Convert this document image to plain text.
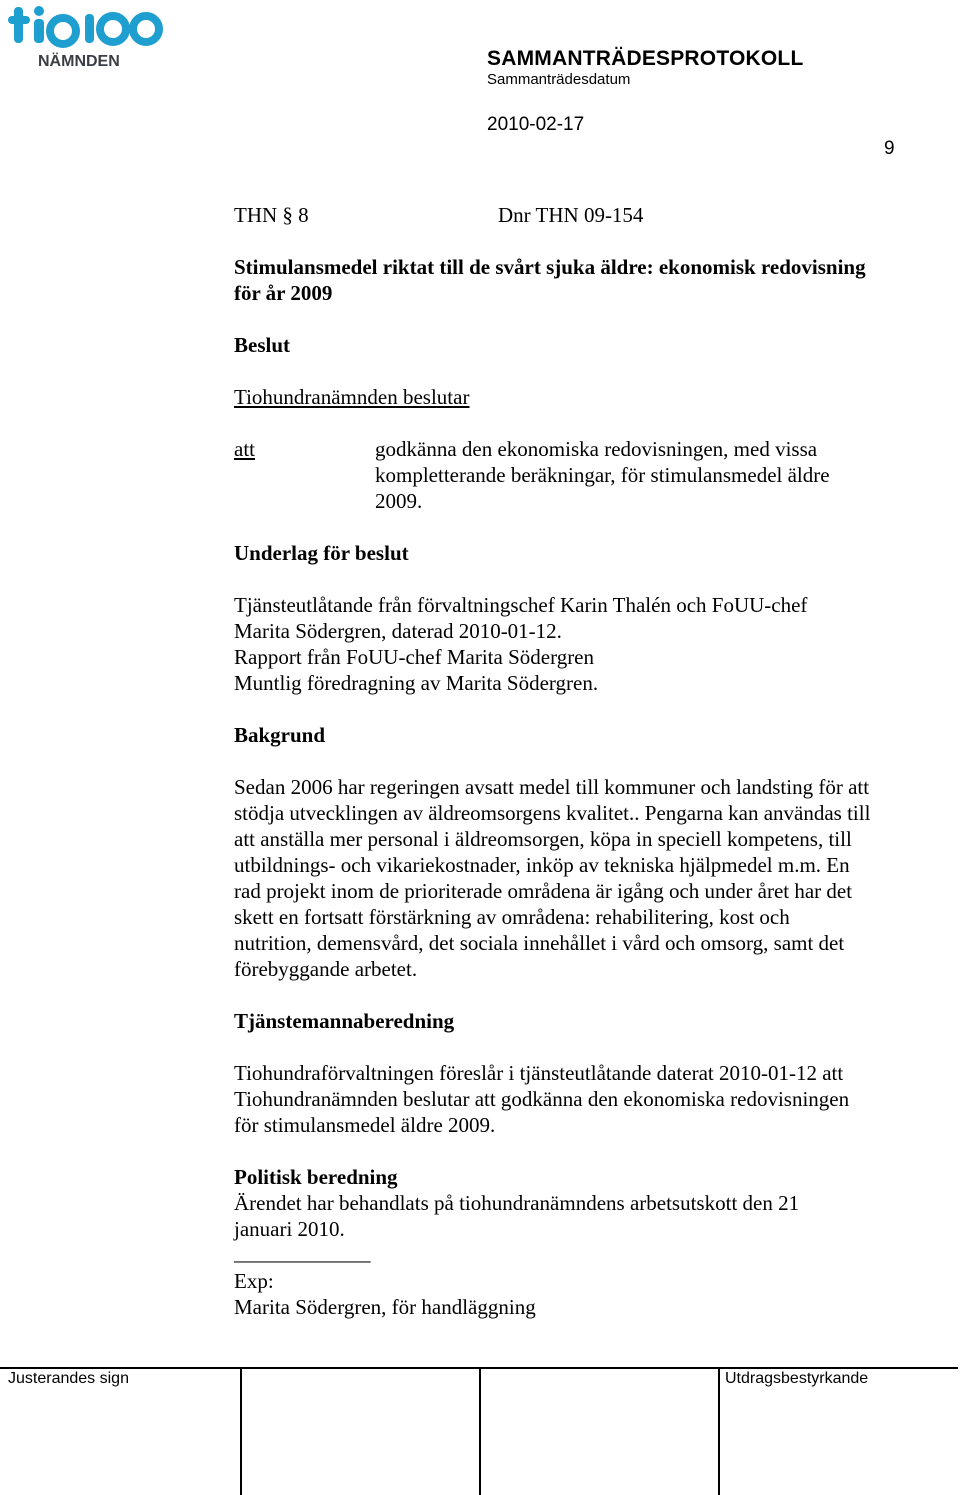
NÄMNDEN	SAMMANTRÄDESPROTOKOLL
Sammanträdesdatum
2010-02-17
9
THN § 8	Dnr THN 09-154
Stimulansmedel riktat till de svårt sjuka äldre: ekonomisk redovisning
för år 2009
Beslut
Tiohundranämnden beslutar
att	godkänna den ekonomiska redovisningen, med vissa
kompletterande beräkningar, för stimulansmedel äldre
2009.
Underlag för beslut
Tjänsteutlåtande från förvaltningschef Karin Thalén och FoUU-chef
Marita Södergren, daterad 2010-01-12.
Rapport från FoUU-chef Marita Södergren
Muntlig föredragning av Marita Södergren.
Bakgrund
Sedan 2006 har regeringen avsatt medel till kommuner och landsting för att
stödja utvecklingen av äldreomsorgens kvalitet.. Pengarna kan användas till
att anställa mer personal i äldreomsorgen, köpa in speciell kompetens, till
utbildnings- och vikariekostnader, inköp av tekniska hjälpmedel m.m. En
rad projekt inom de prioriterade områdena är igång och under året har det
skett en fortsatt förstärkning av områdena: rehabilitering, kost och
nutrition, demensvård, det sociala innehållet i vård och omsorg, samt det
förebyggande arbetet.
Tjänstemannaberedning
Tiohundraförvaltningen föreslår i tjänsteutlåtande daterat 2010-01-12 att
Tiohundranämnden beslutar att godkänna den ekonomiska redovisningen
för stimulansmedel äldre 2009.
Politisk beredning
Ärendet har behandlats på tiohundranämndens arbetsutskott den 21
januari 2010.
_____________
Exp:
Marita Södergren, för handläggning
Justerandes sign	Utdragsbestyrkande
